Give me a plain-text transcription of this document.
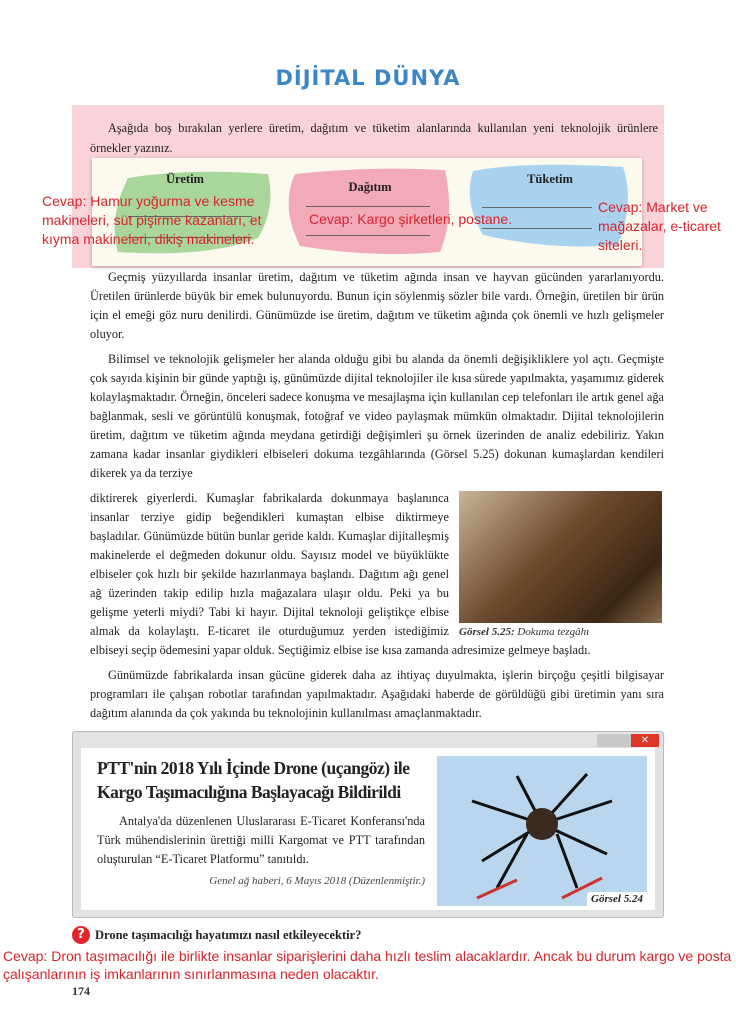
DİJİTAL DÜNYA
Aşağıda boş bırakılan yerlere üretim, dağıtım ve tüketim alanlarında kullanılan yeni teknolojik ürünlere örnekler yazınız.
Üretim
Dağıtım
Tüketim
Cevap: Hamur yoğurma ve kesme makineleri, süt pişirme kazanları, et kıyma makineleri, dikiş makineleri.
Cevap: Kargo şirketleri, postane.
Cevap: Market ve mağazalar, e-ticaret siteleri.

Geçmiş yüzyıllarda insanlar üretim, dağıtım ve tüketim ağında insan ve hayvan gücünden yararlanıyordu. Üretilen ürünlerde büyük bir emek bulunuyordu. Bunun için söylenmiş sözler bile vardı. Örneğin, üretilen bir ürün için el emeği göz nuru denilirdi. Günümüzde ise üretim, dağıtım ve tüketim ağında çok önemli ve hızlı gelişmeler oluyor.

Bilimsel ve teknolojik gelişmeler her alanda olduğu gibi bu alanda da önemli değişikliklere yol açtı. Geçmişte çok sayıda kişinin bir günde yaptığı iş, günümüzde dijital teknolojiler ile kısa sürede yapılmakta, yaşamımız giderek kolaylaşmaktadır. Örneğin, önceleri sadece konuşma ve mesajlaşma için kullanılan cep telefonları ile artık genel ağa bağlanmak, sesli ve görüntülü konuşmak, fotoğraf ve video paylaşmak mümkün olmaktadır. Dijital teknolojilerin üretim, dağıtım ve tüketim ağında meydana getirdiği değişimleri şu örnek üzerinden de analiz edebiliriz. Yakın zamana kadar insanlar giydikleri elbiseleri dokuma tezgâhlarında (Görsel 5.25) dokunan kumaşlardan kendileri dikerek ya da terziye

Görsel 5.25: Dokuma tezgâhı

diktirerek giyerlerdi. Kumaşlar fabrikalarda dokunmaya başlanınca insanlar terziye gidip beğendikleri kumaştan elbise diktirmeye başladılar. Günümüzde bütün bunlar geride kaldı. Kumaşlar dijitalleşmiş makinelerde el değmeden dokunur oldu. Sayısız model ve büyüklükte elbiseler çok hızlı bir şekilde hazırlanmaya başlandı. Dağıtım ağı genel ağ üzerinden takip edilip hızla mağazalara ulaşır oldu. Peki ya bu gelişme yeterli miydi? Tabi ki hayır. Dijital teknoloji geliştikçe elbise almak da kolaylaştı. E-ticaret ile oturduğumuz yerden istediğimiz elbiseyi seçip ödemesini yapar olduk. Seçtiğimiz elbise ise kısa zamanda adresimize gelmeye başladı.

Günümüzde fabrikalarda insan gücüne giderek daha az ihtiyaç duyulmakta, işlerin birçoğu çeşitli bilgisayar programları ile çalışan robotlar tarafından yapılmaktadır. Aşağıdaki haberde de görüldüğü gibi üretimin yanı sıra dağıtım alanında da çok yakında bu teknolojinin kullanılması amaçlanmaktadır.

✕
PTT'nin 2018 Yılı İçinde Drone (uçangöz) ile Kargo Taşımacılığına Başlayacağı Bildirildi
Antalya'da düzenlenen Uluslararası E-Ticaret Konferansı'nda Türk mühendislerinin ürettiği milli Kargomat ve PTT tarafından oluşturulan “E-Ticaret Platformu” tanıtıldı.
Genel ağ haberi, 6 Mayıs 2018 (Düzenlenmiştir.)
Görsel 5.24
? Drone taşımacılığı hayatımızı nasıl etkileyecektir?
Cevap: Dron taşımacılığı ile birlikte insanlar siparişlerini daha hızlı teslim alacaklardır. Ancak bu durum kargo ve posta çalışanlarının iş imkanlarının sınırlanmasına neden olacaktır.
174
